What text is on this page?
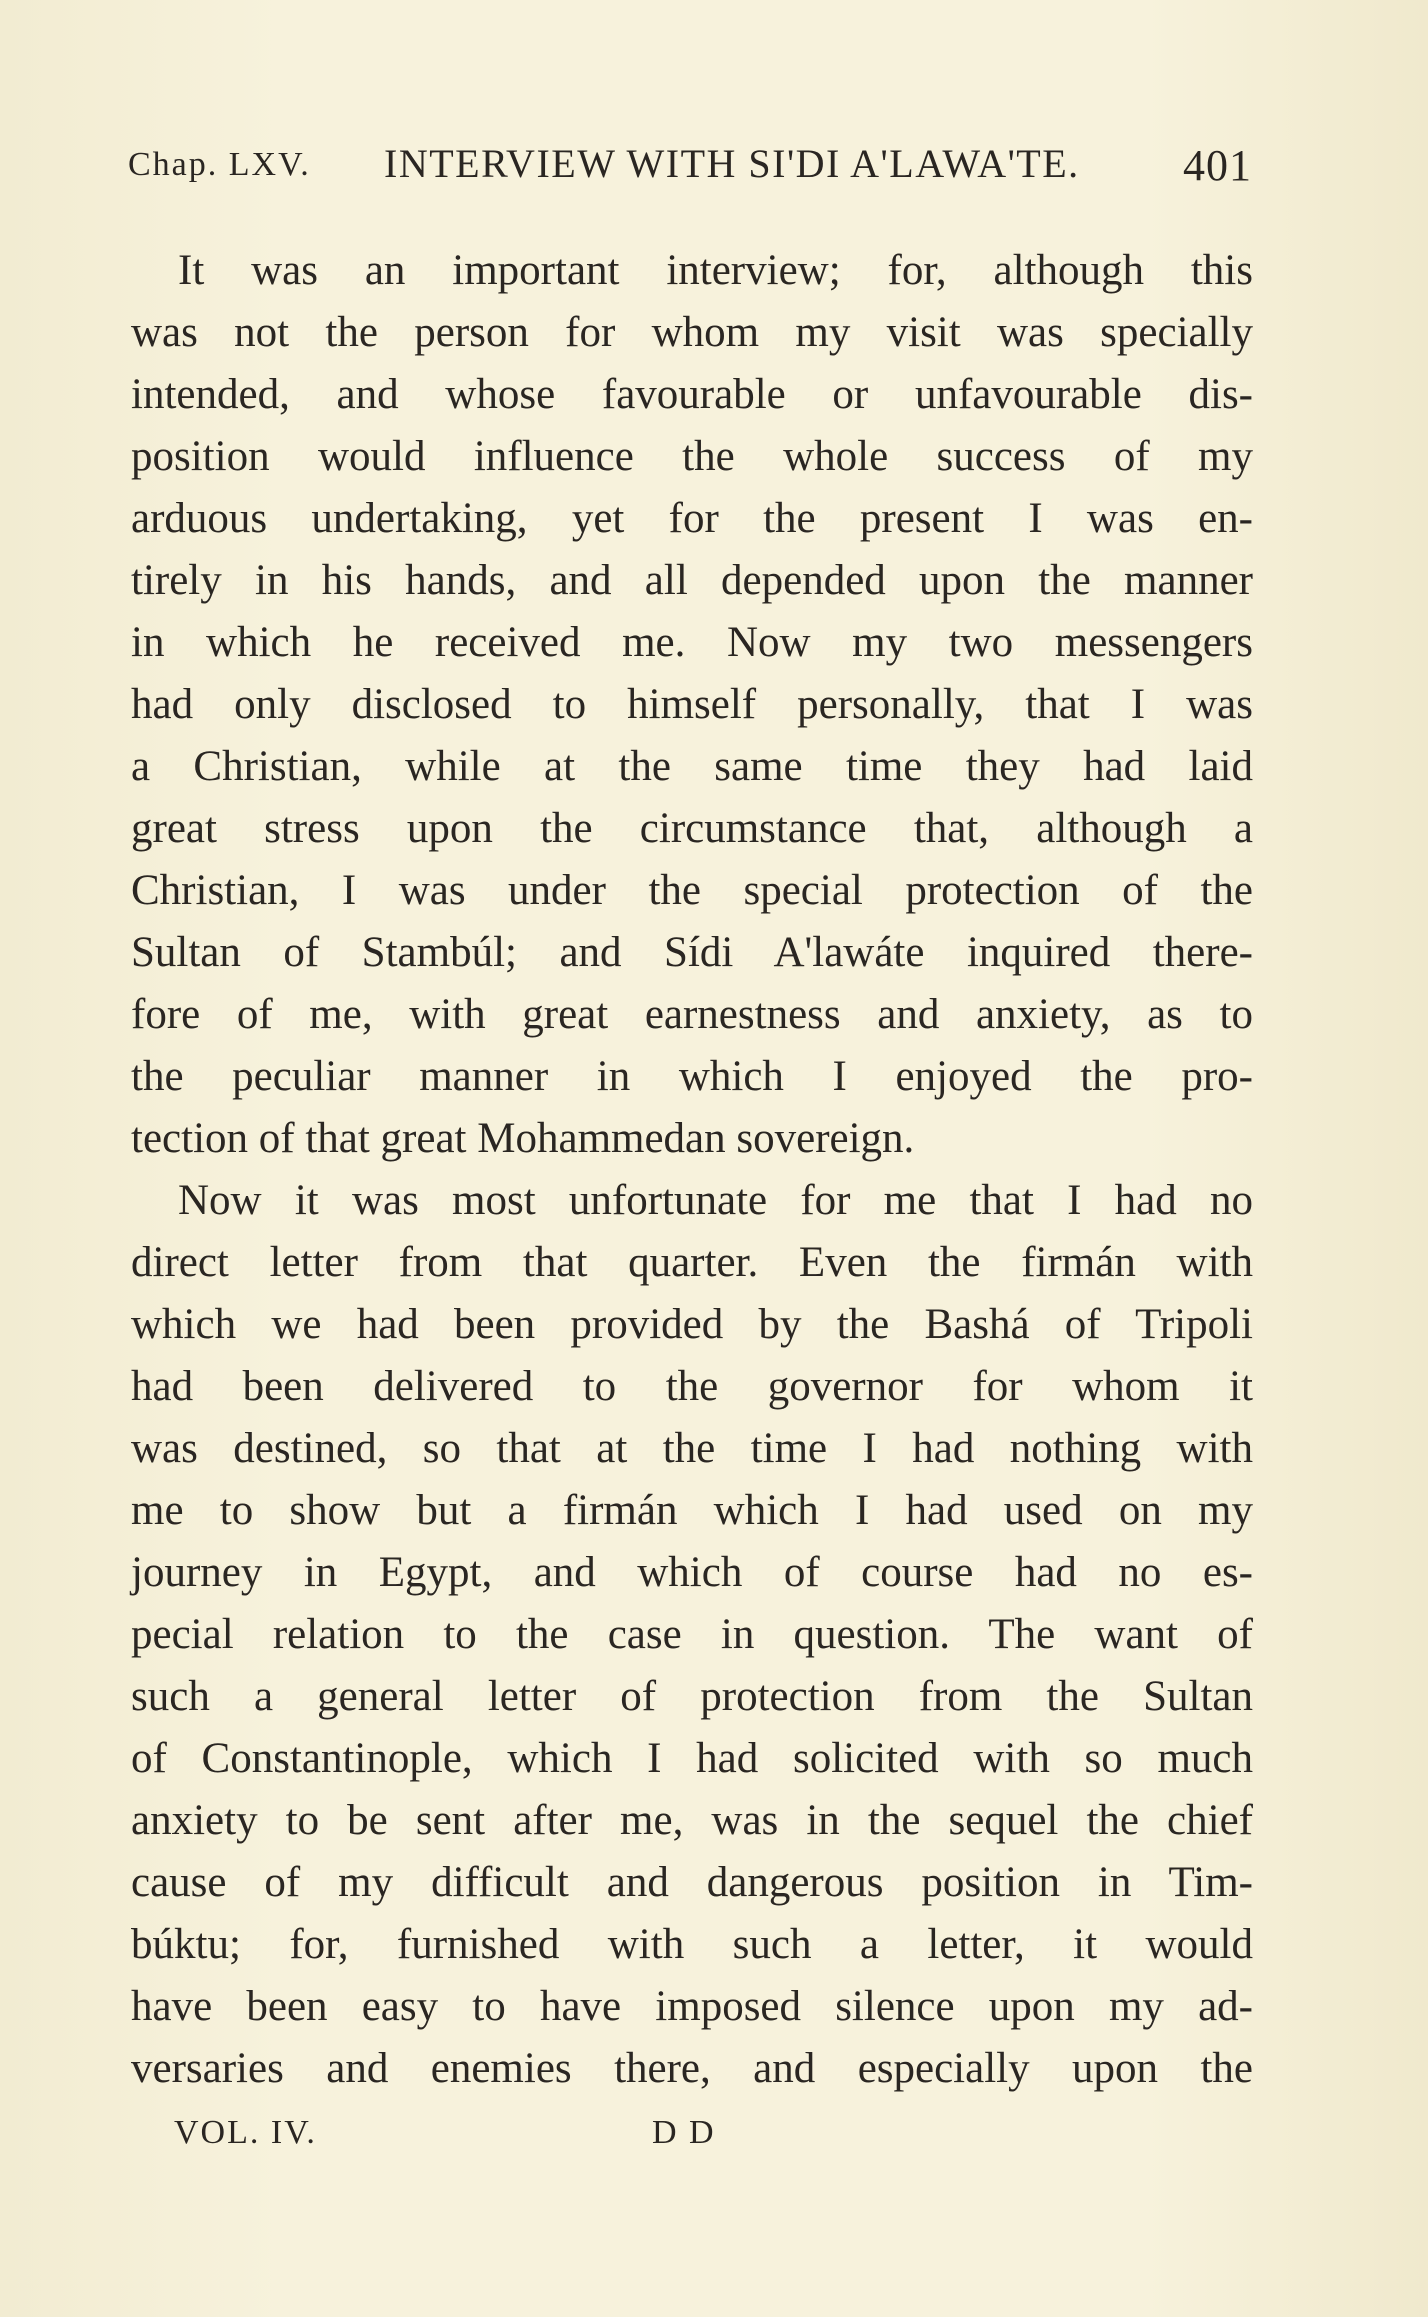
Chap. LXV. INTERVIEW WITH SI'DI A'LAWA'TE. 401
It was an important interview; for, although this
was not the person for whom my visit was specially
intended, and whose favourable or unfavourable dis-
position would influence the whole success of my
arduous undertaking, yet for the present I was en-
tirely in his hands, and all depended upon the manner
in which he received me. Now my two messengers
had only disclosed to himself personally, that I was
a Christian, while at the same time they had laid
great stress upon the circumstance that, although a
Christian, I was under the special protection of the
Sultan of Stambúl; and Sídi A'lawáte inquired there-
fore of me, with great earnestness and anxiety, as to
the peculiar manner in which I enjoyed the pro-
tection of that great Mohammedan sovereign.
Now it was most unfortunate for me that I had no
direct letter from that quarter. Even the firmán with
which we had been provided by the Bashá of Tripoli
had been delivered to the governor for whom it
was destined, so that at the time I had nothing with
me to show but a firmán which I had used on my
journey in Egypt, and which of course had no es-
pecial relation to the case in question. The want of
such a general letter of protection from the Sultan
of Constantinople, which I had solicited with so much
anxiety to be sent after me, was in the sequel the chief
cause of my difficult and dangerous position in Tim-
búktu; for, furnished with such a letter, it would
have been easy to have imposed silence upon my ad-
versaries and enemies there, and especially upon the
VOL. IV.	D D
